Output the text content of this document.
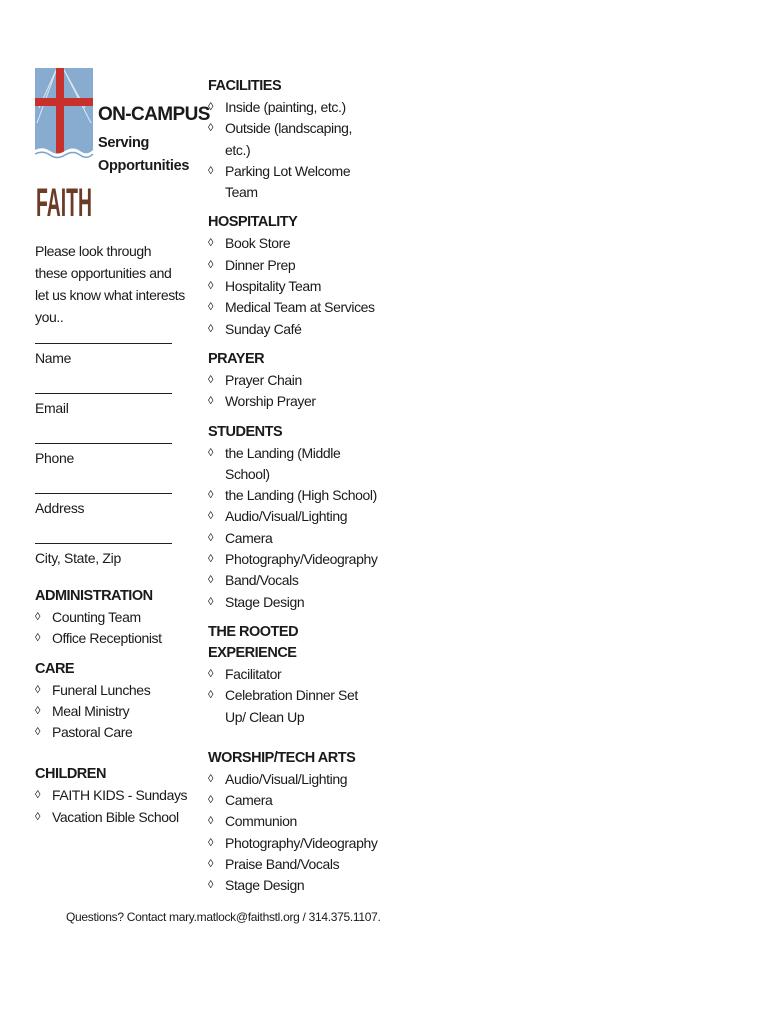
FAITH
ON-CAMPUS
Serving
Opportunities
Please look through these opportunities and let us know what interests you..
Name
Email
Phone
Address
City, State, Zip
ADMINISTRATION
◊ Counting Team
◊ Office Receptionist
CARE
◊ Funeral Lunches
◊ Meal Ministry
◊ Pastoral Care
CHILDREN
◊ FAITH KIDS - Sundays
◊ Vacation Bible School
FACILITIES
◊ Inside (painting, etc.)
◊ Outside (landscaping, etc.)
◊ Parking Lot Welcome Team
HOSPITALITY
◊ Book Store
◊ Dinner Prep
◊ Hospitality Team
◊ Medical Team at Services
◊ Sunday Café
PRAYER
◊ Prayer Chain
◊ Worship Prayer
STUDENTS
◊ the Landing (Middle School)
◊ the Landing (High School)
◊ Audio/Visual/Lighting
◊ Camera
◊ Photography/Videography
◊ Band/Vocals
◊ Stage Design
THE ROOTED EXPERIENCE
◊ Facilitator
◊ Celebration Dinner Set Up/ Clean Up
WORSHIP/TECH ARTS
◊ Audio/Visual/Lighting
◊ Camera
◊ Communion
◊ Photography/Videography
◊ Praise Band/Vocals
◊ Stage Design
Questions? Contact mary.matlock@faithstl.org / 314.375.1107.
